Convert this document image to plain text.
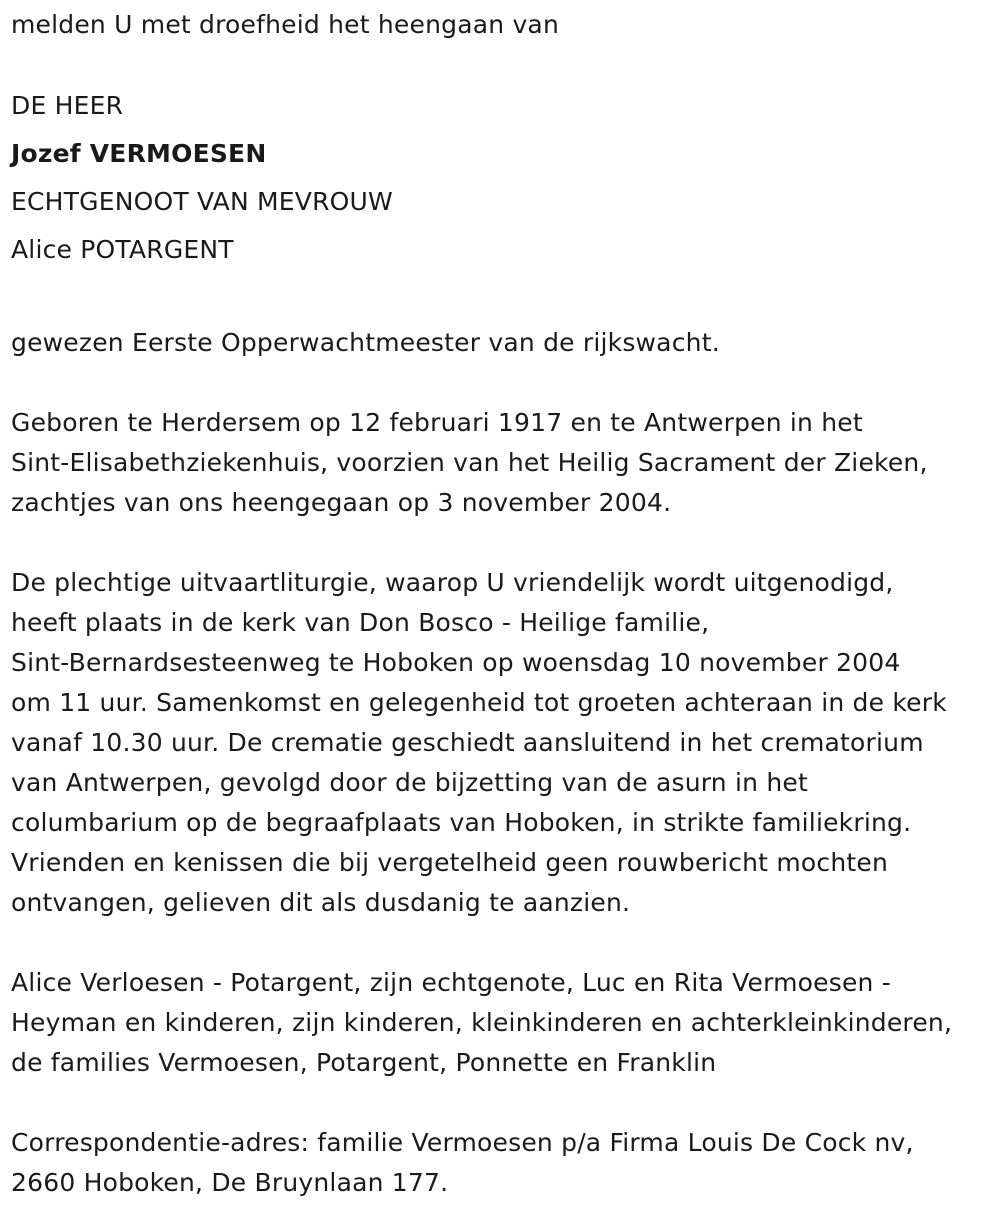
melden U met droefheid het heengaan van

DE HEER

Jozef VERMOESEN

ECHTGENOOT VAN MEVROUW

Alice POTARGENT

gewezen Eerste Opperwachtmeester van de rijkswacht.

Geboren te Herdersem op 12 februari 1917 en te Antwerpen in het

Sint-Elisabethziekenhuis, voorzien van het Heilig Sacrament der Zieken,

zachtjes van ons heengegaan op 3 november 2004.

De plechtige uitvaartliturgie, waarop U vriendelijk wordt uitgenodigd,

heeft plaats in de kerk van Don Bosco - Heilige familie,

Sint-Bernardsesteenweg te Hoboken op woensdag 10 november 2004

om 11 uur. Samenkomst en gelegenheid tot groeten achteraan in de kerk

vanaf 10.30 uur. De crematie geschiedt aansluitend in het crematorium

van Antwerpen, gevolgd door de bijzetting van de asurn in het

columbarium op de begraafplaats van Hoboken, in strikte familiekring.

Vrienden en kenissen die bij vergetelheid geen rouwbericht mochten

ontvangen, gelieven dit als dusdanig te aanzien.

Alice Verloesen - Potargent, zijn echtgenote, Luc en Rita Vermoesen -

Heyman en kinderen, zijn kinderen, kleinkinderen en achterkleinkinderen,

de families Vermoesen, Potargent, Ponnette en Franklin

Correspondentie-adres: familie Vermoesen p/a Firma Louis De Cock nv,

2660 Hoboken, De Bruynlaan 177.
